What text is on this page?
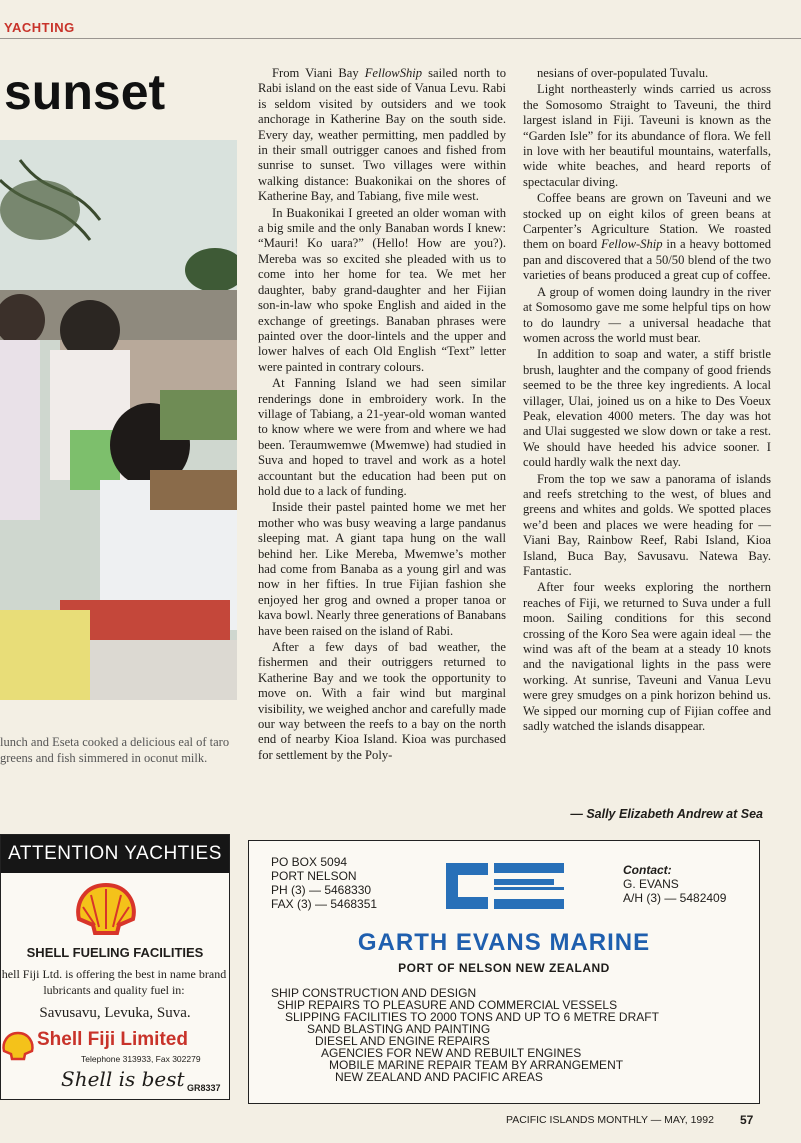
YACHTING
sunset
lunch and Eseta cooked a delicious eal of taro greens and fish simmered in oconut milk.

From Viani Bay FellowShip sailed north to Rabi island on the east side of Vanua Levu. Rabi is seldom visited by outsiders and we took anchorage in Katherine Bay on the south side. Every day, weather permitting, men paddled by in their small outrigger canoes and fished from sunrise to sunset. Two villages were within walking distance: Buakonikai on the shores of Katherine Bay, and Tabiang, five mile west.

In Buakonikai I greeted an older woman with a big smile and the only Banaban words I knew: “Mauri! Ko uara?” (Hello! How are you?). Mereba was so excited she pleaded with us to come into her home for tea. We met her daughter, baby grand-daughter and her Fijian son-in-law who spoke English and aided in the exchange of greetings. Banaban phrases were painted over the door-lintels and the upper and lower halves of each Old English “Text” letter were painted in contrary colours.

At Fanning Island we had seen similar renderings done in embroidery work. In the village of Tabiang, a 21-year-old woman wanted to know where we were from and where we had been. Teraumwemwe (Mwemwe) had studied in Suva and hoped to travel and work as a hotel accountant but the education had been put on hold due to a lack of funding.

Inside their pastel painted home we met her mother who was busy weaving a large pandanus sleeping mat. A giant tapa hung on the wall behind her. Like Mereba, Mwemwe’s mother had come from Banaba as a young girl and was now in her fifties. In true Fijian fashion she enjoyed her grog and owned a proper tanoa or kava bowl. Nearly three generations of Banabans have been raised on the island of Rabi.

After a few days of bad weather, the fishermen and their outriggers returned to Katherine Bay and we took the opportunity to move on. With a fair wind but marginal visibility, we weighed anchor and carefully made our way between the reefs to a bay on the north end of nearby Kioa Island. Kioa was purchased for settlement by the Poly-

nesians of over-populated Tuvalu.

Light northeasterly winds carried us across the Somosomo Straight to Taveuni, the third largest island in Fiji. Taveuni is known as the “Garden Isle” for its abundance of flora. We fell in love with her beautiful mountains, waterfalls, wide white beaches, and heard reports of spectacular diving.

Coffee beans are grown on Taveuni and we stocked up on eight kilos of green beans at Carpenter’s Agriculture Station. We roasted them on board Fellow-Ship in a heavy bottomed pan and discovered that a 50/50 blend of the two varieties of beans produced a great cup of coffee.

A group of women doing laundry in the river at Somosomo gave me some helpful tips on how to do laundry — a universal headache that women across the world must bear.

In addition to soap and water, a stiff bristle brush, laughter and the company of good friends seemed to be the three key ingredients. A local villager, Ulai, joined us on a hike to Des Voeux Peak, elevation 4000 meters. The day was hot and Ulai suggested we slow down or take a rest. We should have heeded his advice sooner. I could hardly walk the next day.

From the top we saw a panorama of islands and reefs stretching to the west, of blues and greens and whites and golds. We spotted places we’d been and places we were heading for — Viani Bay, Rainbow Reef, Rabi Island, Kioa Island, Buca Bay, Savusavu. Natewa Bay. Fantastic.

After four weeks exploring the northern reaches of Fiji, we returned to Suva under a full moon. Sailing conditions for this second crossing of the Koro Sea were again ideal — the wind was aft of the beam at a steady 10 knots and the navigational lights in the pass were working. At sunrise, Taveuni and Vanua Levu were grey smudges on a pink horizon behind us. We sipped our morning cup of Fijian coffee and sadly watched the islands disappear.

— Sally Elizabeth Andrew at Sea
ATTENTION YACHTIES
SHELL FUELING FACILITIES
hell Fiji Ltd. is offering the best in name brand lubricants and quality fuel in:
Savusavu, Levuka, Suva.
Shell Fiji Limited
Telephone 313933, Fax 302279
Shell is best GR8337
PO BOX 5094
PORT NELSON
PH (3) — 5468330
FAX (3) — 5468351
Contact:
G. EVANS
A/H (3) — 5482409
GARTH EVANS MARINE
PORT OF NELSON NEW ZEALAND
SHIP CONSTRUCTION AND DESIGN
SHIP REPAIRS TO PLEASURE AND COMMERCIAL VESSELS
SLIPPING FACILITIES TO 2000 TONS AND UP TO 6 METRE DRAFT
SAND BLASTING AND PAINTING
DIESEL AND ENGINE REPAIRS
AGENCIES FOR NEW AND REBUILT ENGINES
MOBILE MARINE REPAIR TEAM BY ARRANGEMENT
NEW ZEALAND AND PACIFIC AREAS
PACIFIC ISLANDS MONTHLY — MAY, 1992 57
